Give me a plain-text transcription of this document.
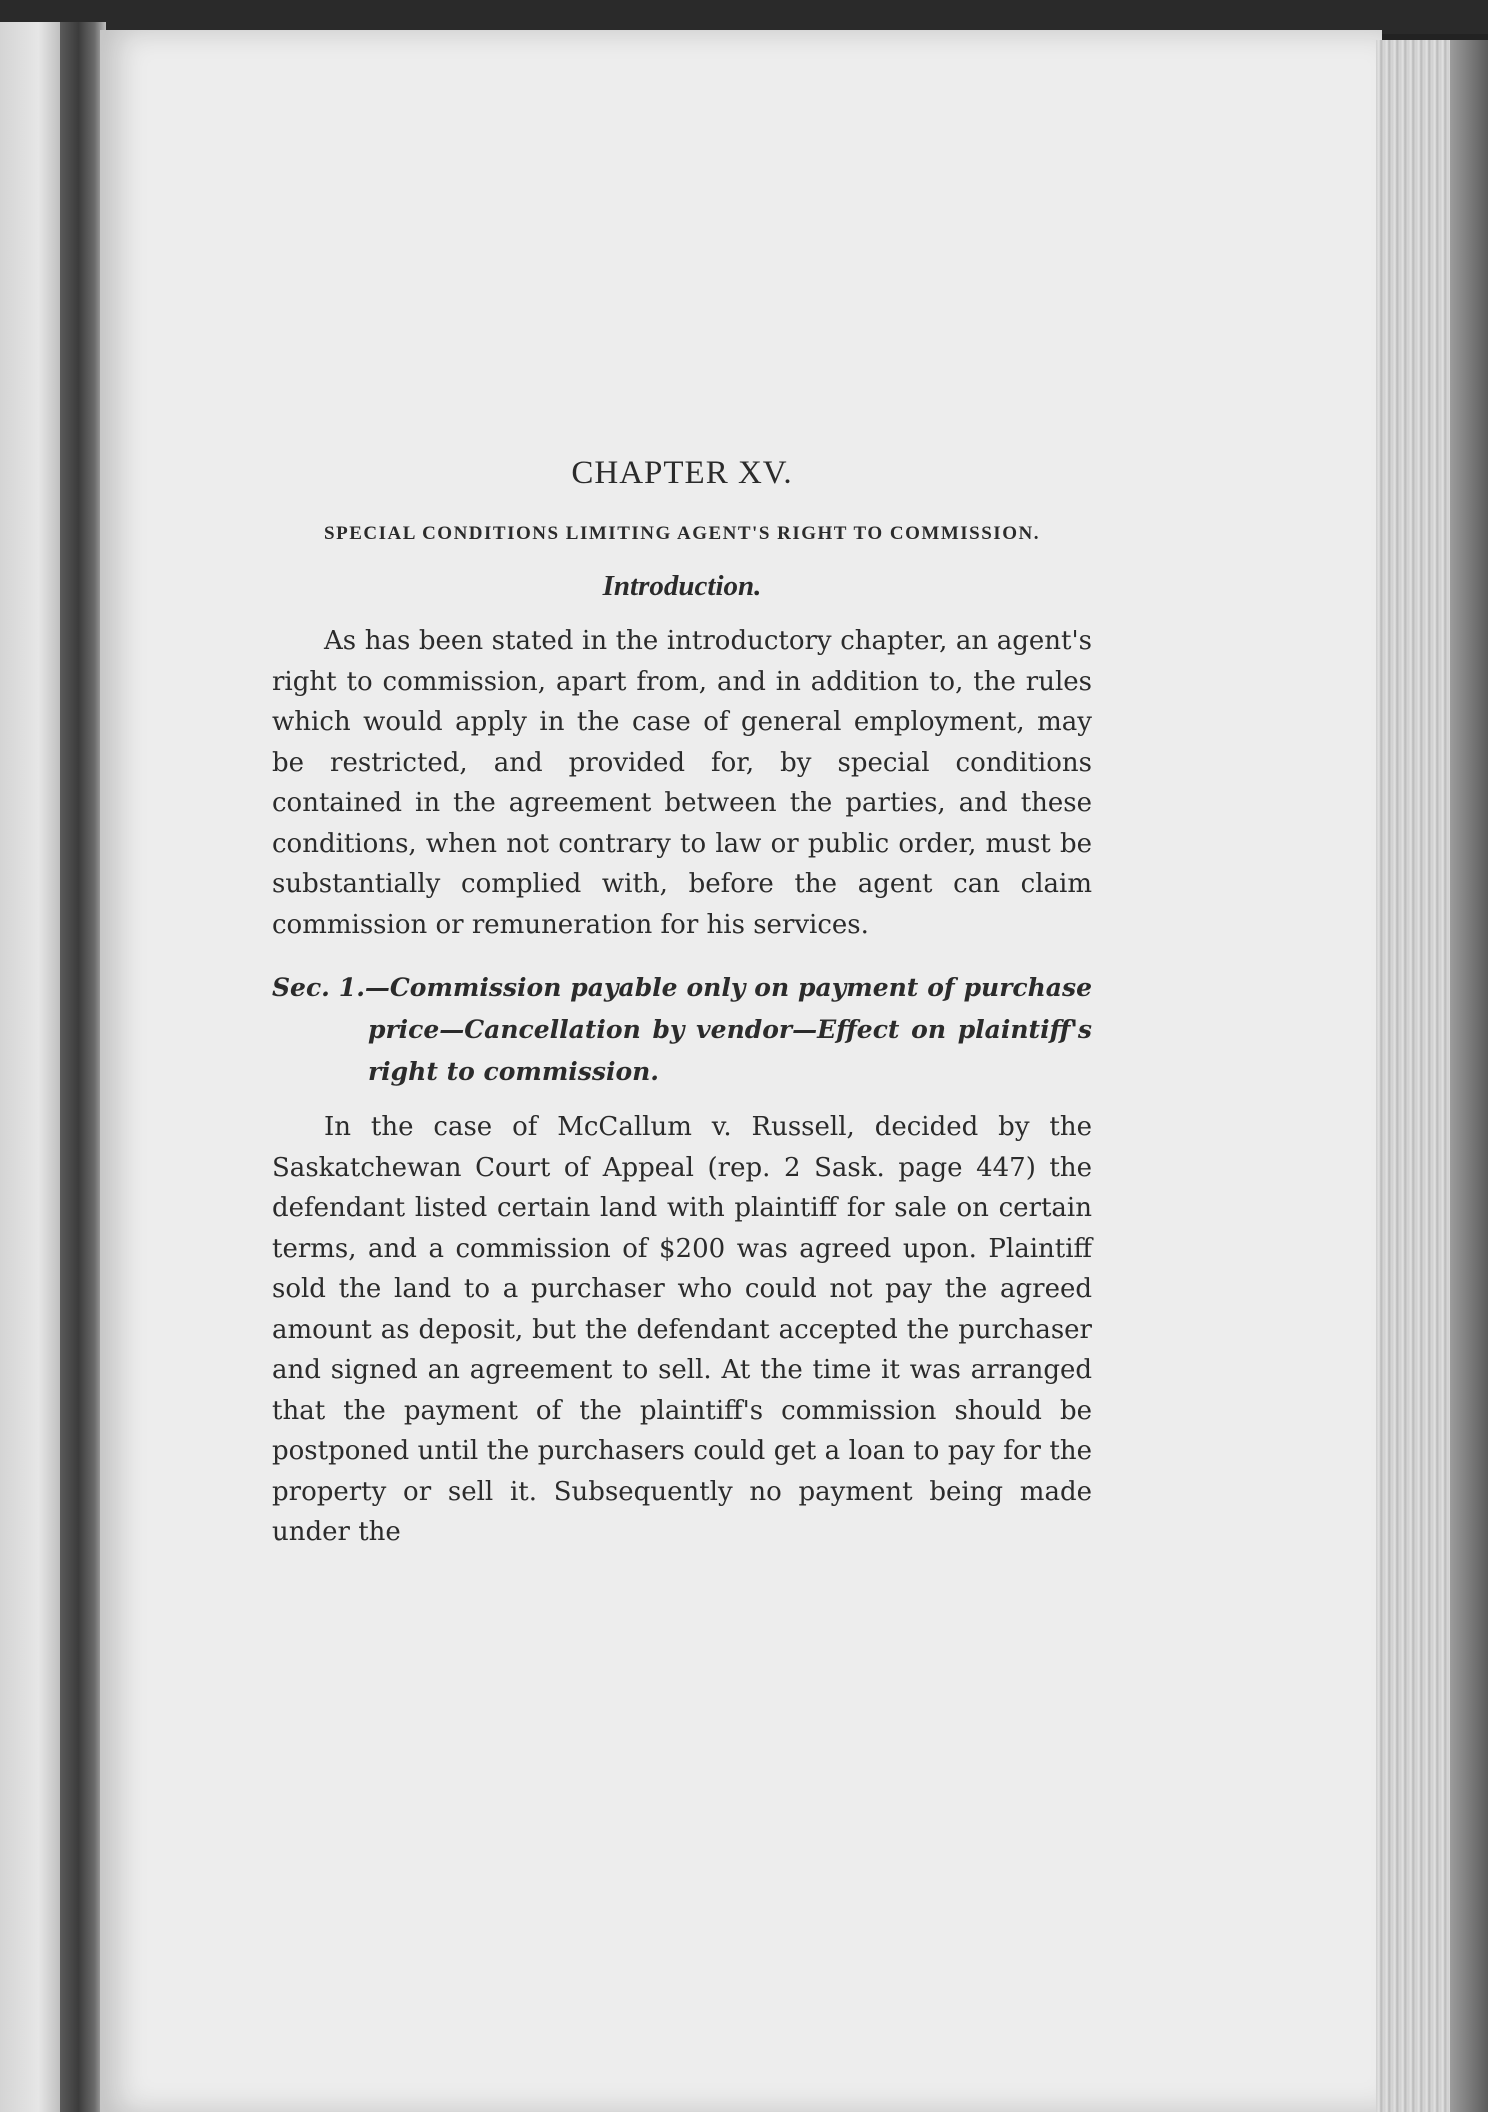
CHAPTER XV.
SPECIAL CONDITIONS LIMITING AGENT'S RIGHT TO COMMISSION.
Introduction.

As has been stated in the introductory chapter, an agent's right to commission, apart from, and in addition to, the rules which would apply in the case of general employment, may be restricted, and provided for, by special conditions contained in the agreement between the parties, and these conditions, when not contrary to law or public order, must be substantially complied with, before the agent can claim commission or remuneration for his services.

Sec. 1.—Commission payable only on payment of purchase price—Cancellation by vendor—Effect on plaintiff's right to commission.

In the case of McCallum v. Russell, decided by the Saskatchewan Court of Appeal (rep. 2 Sask. page 447) the defendant listed certain land with plaintiff for sale on certain terms, and a commission of $200 was agreed upon. Plaintiff sold the land to a purchaser who could not pay the agreed amount as deposit, but the defendant accepted the purchaser and signed an agreement to sell. At the time it was arranged that the payment of the plaintiff's commission should be postponed until the purchasers could get a loan to pay for the property or sell it. Subsequently no payment being made under the
